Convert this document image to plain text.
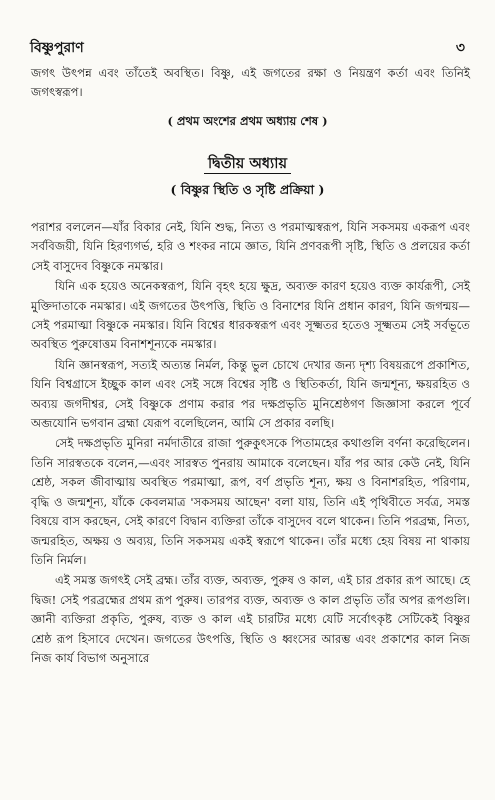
বিষ্ণুপুরাণ	৩

জগৎ উৎপন্ন এবং তাঁতেই অবস্থিত। বিষ্ণু, এই জগতের রক্ষা ও নিয়ন্ত্রণ কর্তা এবং তিনিই জগৎস্বরূপ।

( প্রথম অংশের প্রথম অধ্যায় শেষ )
দ্বিতীয় অধ্যায়
( বিষ্ণুর স্থিতি ও সৃষ্টি প্রক্রিয়া )

পরাশর বললেন—যাঁর বিকার নেই, যিনি শুদ্ধ, নিত্য ও পরমাত্মস্বরূপ, যিনি সকসময় একরূপ এবং সর্ববিজয়ী, যিনি হিরণ্যগর্ভ, হরি ও শংকর নামে জ্ঞাত, যিনি প্রণবরূপী সৃষ্টি, স্থিতি ও প্রলয়ের কর্তা সেই বাসুদেব বিষ্ণুকে নমস্কার।

যিনি এক হয়েও অনেকস্বরূপ, যিনি বৃহৎ হয়ে ক্ষুদ্র, অব্যক্ত কারণ হয়েও ব্যক্ত কার্যরূপী, সেই মুক্তিদাতাকে নমস্কার। এই জগতের উৎপত্তি, স্থিতি ও বিনাশের যিনি প্রধান কারণ, যিনি জগন্ময়—সেই পরমাত্মা বিষ্ণুকে নমস্কার। যিনি বিশ্বের ধারকস্বরূপ এবং সূক্ষ্মতর হতেও সূক্ষ্মতম সেই সর্বভূতে অবস্থিত পুরুষোত্তম বিনাশশূন্যকে নমস্কার।

যিনি জ্ঞানস্বরূপ, সত্যই অত্যন্ত নির্মল, কিন্তু ভুল চোখে দেখার জন্য দৃশ্য বিষয়রূপে প্রকাশিত, যিনি বিশ্বগ্রাসে ইচ্ছুক কাল এবং সেই সঙ্গে বিশ্বের সৃষ্টি ও স্থিতিকর্তা, যিনি জন্মশূন্য, ক্ষয়রহিত ও অব্যয় জগদীশ্বর, সেই বিষ্ণুকে প্রণাম করার পর দক্ষপ্রভৃতি মুনিশ্রেষ্ঠগণ জিজ্ঞাসা করলে পূর্বে অব্জযোনি ভগবান ব্রহ্মা যেরূপ বলেছিলেন, আমি সে প্রকার বলছি।

সেই দক্ষপ্রভৃতি মুনিরা নর্মদাতীরে রাজা পুরুকুৎসকে পিতামহের কথাগুলি বর্ণনা করেছিলেন। তিনি সারস্বতকে বলেন,—এবং সারস্বত পুনরায় আমাকে বলেছেন। যাঁর পর আর কেউ নেই, যিনি শ্রেষ্ঠ, সকল জীবাত্মায় অবস্থিত পরমাত্মা, রূপ, বর্ণ প্রভৃতি শূন্য, ক্ষয় ও বিনাশরহিত, পরিণাম, বৃদ্ধি ও জন্মশূন্য, যাঁকে কেবলমাত্র 'সকসময় আছেন' বলা যায়, তিনি এই পৃথিবীতে সর্বত্র, সমস্ত বিষয়ে বাস করছেন, সেই কারণে বিদ্বান ব্যক্তিরা তাঁকে বাসুদেব বলে থাকেন। তিনি পরব্রহ্ম, নিত্য, জন্মরহিত, অক্ষয় ও অব্যয়, তিনি সকসময় একই স্বরূপে থাকেন। তাঁর মধ্যে হেয় বিষয় না থাকায় তিনি নির্মল।

এই সমস্ত জগৎই সেই ব্রহ্ম। তাঁর ব্যক্ত, অব্যক্ত, পুরুষ ও কাল, এই চার প্রকার রূপ আছে। হে দ্বিজ! সেই পরব্রহ্মের প্রথম রূপ পুরুষ। তারপর ব্যক্ত, অব্যক্ত ও কাল প্রভৃতি তাঁর অপর রূপগুলি। জ্ঞানী ব্যক্তিরা প্রকৃতি, পুরুষ, ব্যক্ত ও কাল এই চারটির মধ্যে যেটি সর্বোৎকৃষ্ট সেটিকেই বিষ্ণুর শ্রেষ্ঠ রূপ হিসাবে দেখেন। জগতের উৎপত্তি, স্থিতি ও ধ্বংসের আরম্ভ এবং প্রকাশের কাল নিজ নিজ কার্য বিভাগ অনুসারে
